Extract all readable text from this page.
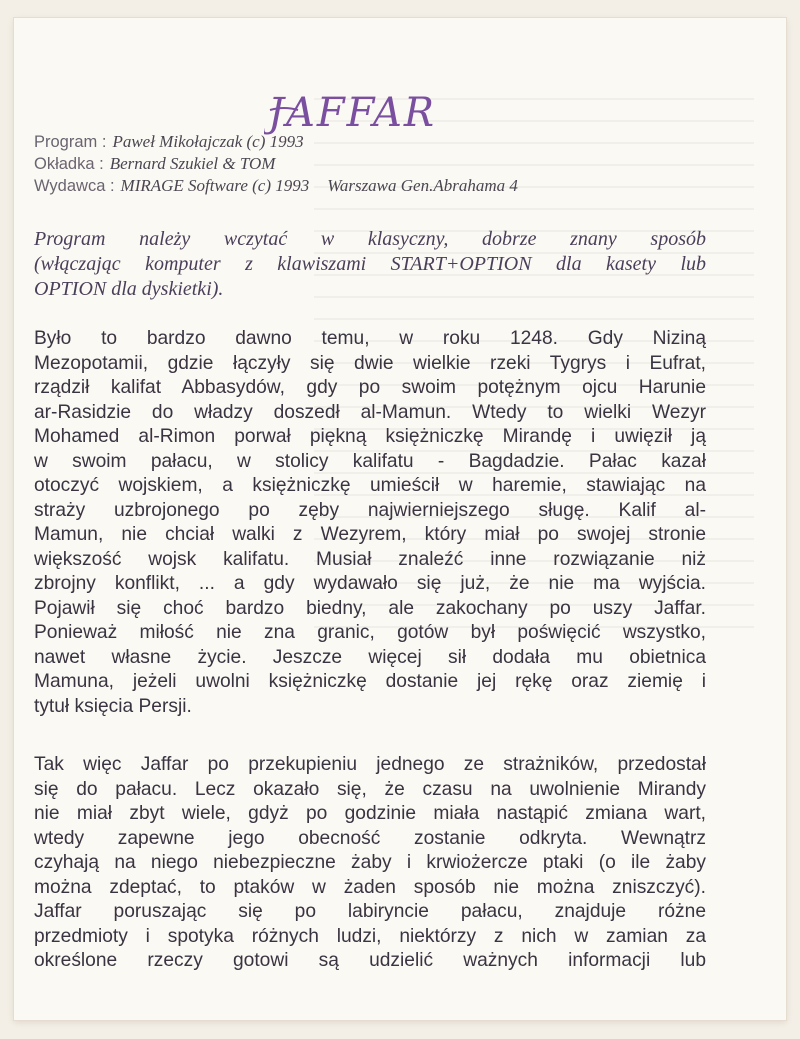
JAFFAR
Program : Paweł Mikołajczak (c) 1993
Okładka : Bernard Szukiel & TOM
Wydawca : MIRAGE Software (c) 1993 Warszawa Gen.Abrahama 4
Program należy wczytać w klasyczny, dobrze znany sposób
(włączając komputer z klawiszami START+OPTION dla kasety lub
OPTION dla dyskietki).
Było to bardzo dawno temu, w roku 1248. Gdy Niziną
Mezopotamii, gdzie łączyły się dwie wielkie rzeki Tygrys i Eufrat,
rządził kalifat Abbasydów, gdy po swoim potężnym ojcu Harunie
ar-Rasidzie do władzy doszedł al-Mamun. Wtedy to wielki Wezyr
Mohamed al-Rimon porwał piękną księżniczkę Mirandę i uwięził ją
w swoim pałacu, w stolicy kalifatu - Bagdadzie. Pałac kazał
otoczyć wojskiem, a księżniczkę umieścił w haremie, stawiając na
straży uzbrojonego po zęby najwierniejszego sługę. Kalif al-
Mamun, nie chciał walki z Wezyrem, który miał po swojej stronie
większość wojsk kalifatu. Musiał znaleźć inne rozwiązanie niż
zbrojny konflikt, ... a gdy wydawało się już, że nie ma wyjścia.
Pojawił się choć bardzo biedny, ale zakochany po uszy Jaffar.
Ponieważ miłość nie zna granic, gotów był poświęcić wszystko,
nawet własne życie. Jeszcze więcej sił dodała mu obietnica
Mamuna, jeżeli uwolni księżniczkę dostanie jej rękę oraz ziemię i
tytuł księcia Persji.
Tak więc Jaffar po przekupieniu jednego ze strażników, przedostał
się do pałacu. Lecz okazało się, że czasu na uwolnienie Mirandy
nie miał zbyt wiele, gdyż po godzinie miała nastąpić zmiana wart,
wtedy zapewne jego obecność zostanie odkryta. Wewnątrz
czyhają na niego niebezpieczne żaby i krwiożercze ptaki (o ile żaby
można zdeptać, to ptaków w żaden sposób nie można zniszczyć).
Jaffar poruszając się po labiryncie pałacu, znajduje różne
przedmioty i spotyka różnych ludzi, niektórzy z nich w zamian za
określone rzeczy gotowi są udzielić ważnych informacji lub
